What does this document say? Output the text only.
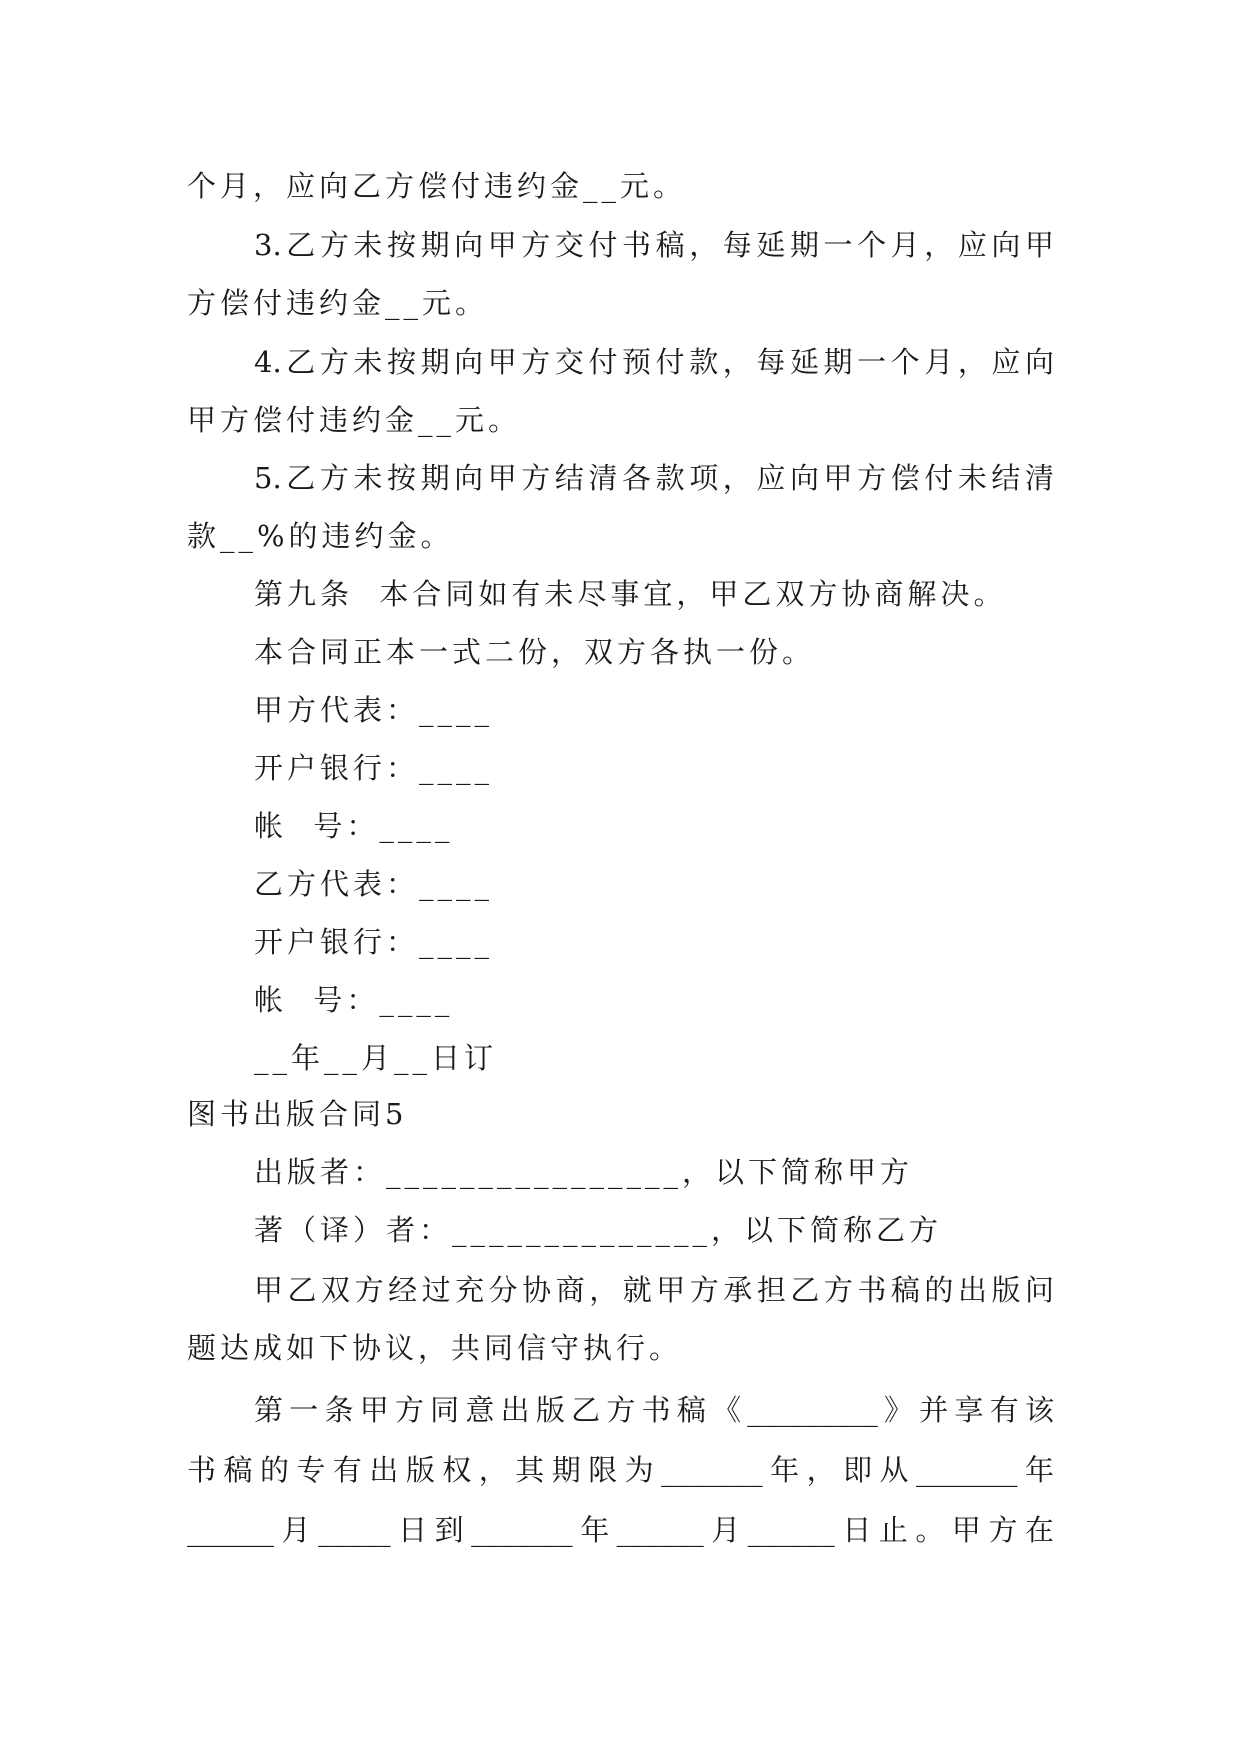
个月，应向乙方偿付违约金__元。
3.乙方未按期向甲方交付书稿，每延期一个月，应向甲
方偿付违约金__元。
4.乙方未按期向甲方交付预付款，每延期一个月，应向
甲方偿付违约金__元。
5.乙方未按期向甲方结清各款项，应向甲方偿付未结清
款__%的违约金。
第九条  本合同如有未尽事宜，甲乙双方协商解决。
本合同正本一式二份，双方各执一份。
甲方代表：____
开户银行：____
帐  号：____
乙方代表：____
开户银行：____
帐  号：____
__年__月__日订
图书出版合同5
出版者：________________，以下简称甲方
著（译）者：______________，以下简称乙方
甲乙双方经过充分协商，就甲方承担乙方书稿的出版问
题达成如下协议，共同信守执行。
第一条甲方同意出版乙方书稿《_________》并享有该
书稿的专有出版权，其期限为_______年，即从_______年
______月_____日到_______年______月______日止。甲方在
